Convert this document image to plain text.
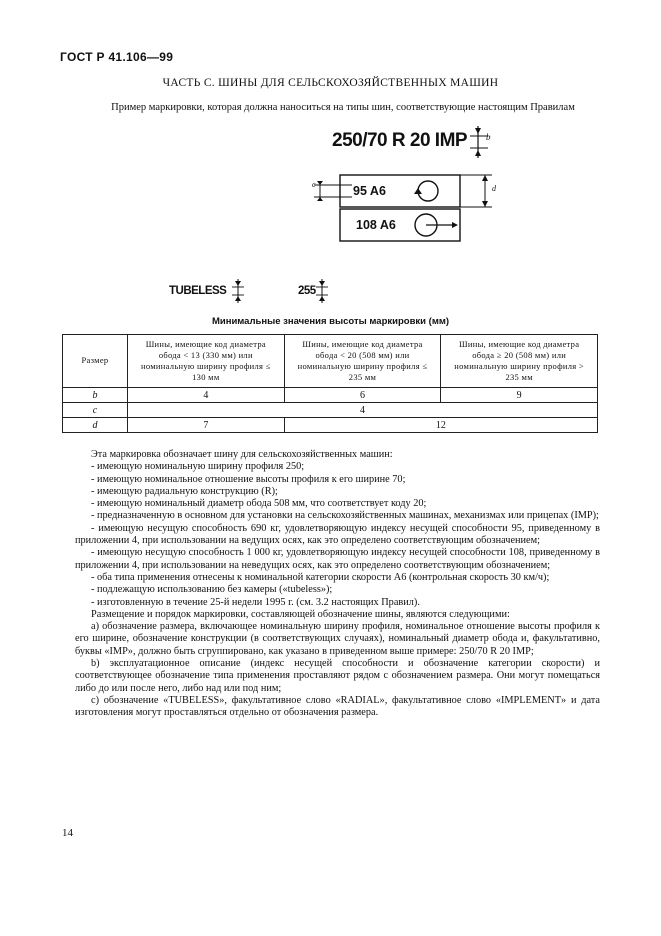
ГОСТ Р 41.106—99
ЧАСТЬ С. ШИНЫ ДЛЯ СЕЛЬСКОХОЗЯЙСТВЕННЫХ МАШИН
Пример маркировки, которая должна наноситься на типы шин, соответствующие настоящим Правилам
250/70 R 20 IMP b
c	d
95 A6
108 A6
TUBELESS	255
Минимальные значения высоты маркировки (мм)
Размер	Шины, имеющие код диаметра обода < 13 (330 мм) или номинальную ширину профиля ≤ 130 мм	Шины, имеющие код диаметра обода < 20 (508 мм) или номинальную ширину профиля ≤ 235 мм	Шины, имеющие код диаметра обода ≥ 20 (508 мм) или номинальную ширину профиля > 235 мм
b	4	6	9
c	4		
d	7	12	

Эта маркировка обозначает шину для сельскохозяйственных машин:

- имеющую номинальную ширину профиля 250;

- имеющую номинальное отношение высоты профиля к его ширине 70;

- имеющую радиальную конструкцию (R);

- имеющую номинальный диаметр обода 508 мм, что соответствует коду 20;

- предназначенную в основном для установки на сельскохозяйственных машинах, механизмах или прицепах (IMP);

- имеющую несущую способность 690 кг, удовлетворяющую индексу несущей способности 95, приведенному в приложении 4, при использовании на ведущих осях, как это определено соответствующим обозначением;

- имеющую несущую способность 1 000 кг, удовлетворяющую индексу несущей способности 108, приведенному в приложении 4, при использовании на неведущих осях, как это определено соответствующим обозначением;

- оба типа применения отнесены к номинальной категории скорости А6 (контрольная скорость 30 км/ч);

- подлежащую использованию без камеры («tubeless»);

- изготовленную в течение 25-й недели 1995 г. (см. 3.2 настоящих Правил).

Размещение и порядок маркировки, составляющей обозначение шины, являются следующими:

а) обозначение размера, включающее номинальную ширину профиля, номинальное отношение высоты профиля к его ширине, обозначение конструкции (в соответствующих случаях), номинальный диаметр обода и, факультативно, буквы «IMP», должно быть сгруппировано, как указано в приведенном выше примере: 250/70 R 20 IMP;

b) эксплуатационное описание (индекс несущей способности и обозначение категории скорости) и соответствующее обозначение типа применения проставляют рядом с обозначением размера. Они могут помещаться либо до или после него, либо над или под ним;

с) обозначение «TUBELESS», факультативное слово «RADIAL», факультативное слово «IMPLEMENT» и дата изготовления могут проставляться отдельно от обозначения размера.

14
